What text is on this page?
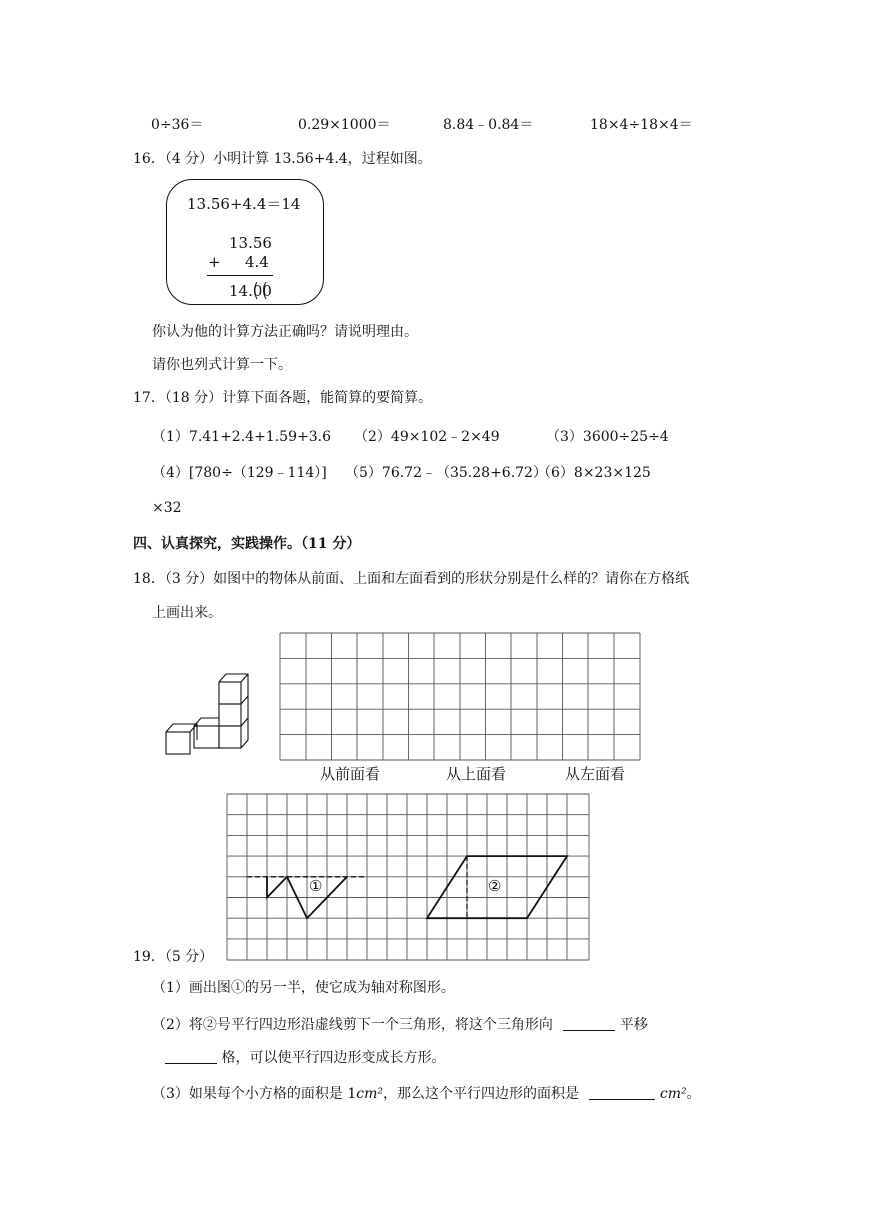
0÷36＝	0.29×1000＝	8.84﹣0.84＝	18×4÷18×4＝
16．（4 分）小明计算 13.56+4.4，过程如图。
13.56+4.4＝14
13.56
+ 4.4
14.00
你认为他的计算方法正确吗？请说明理由。
请你也列式计算一下。
17．（18 分）计算下面各题，能简算的要简算。
（1）7.41+2.4+1.59+3.6 （2）49×102﹣2×49	（3）3600÷25÷4
（4）[780÷（129﹣114）] （5）76.72﹣（35.28+6.72）
（6）8×23×125
×32
四、认真探究，实践操作。（11 分）
18．（3 分）如图中的物体从前面、上面和左面看到的形状分别是什么样的？请你在方格纸
上画出来。
从前面看	从上面看	从左面看
①	②
19．（5 分）
（1）画出图①的另一半，使它成为轴对称图形。
（2）将②号平行四边形沿虚线剪下一个三角形，将这个三角形向	平移
格，可以使平行四边形变成长方形。
（3）如果每个小方格的面积是 1cm²，那么这个平行四边形的面积是	cm²。
